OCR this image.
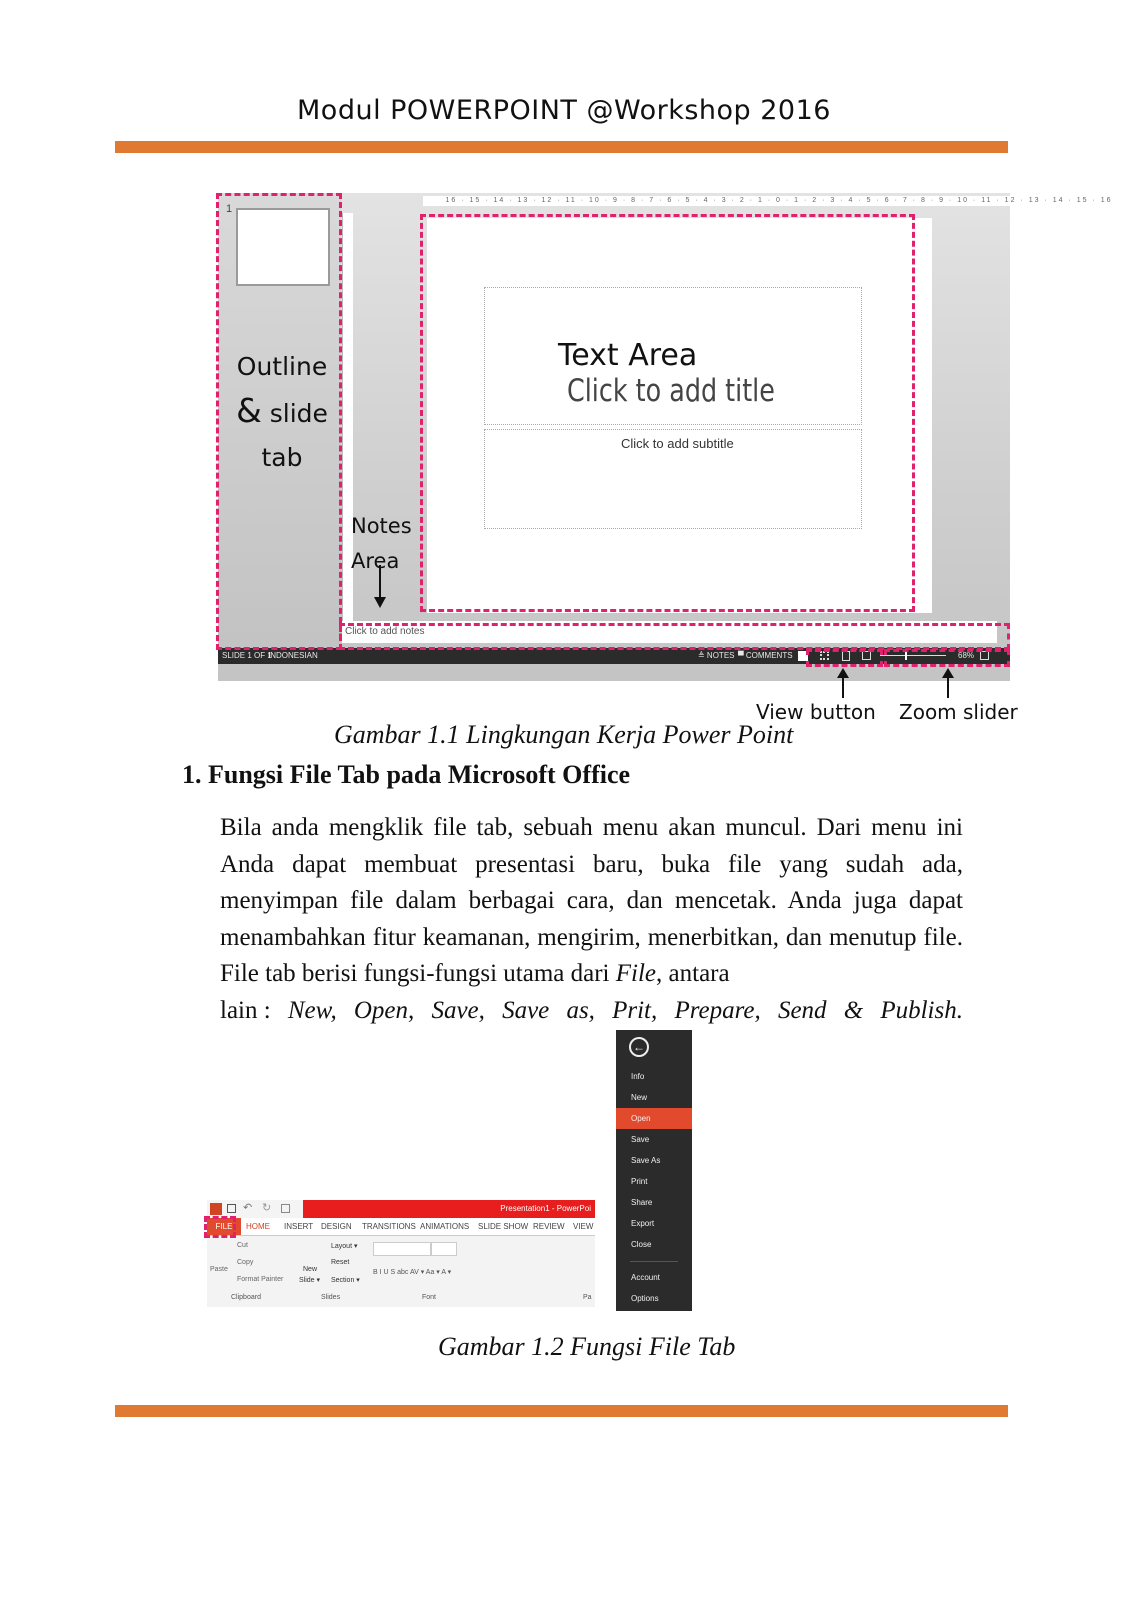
Modul POWERPOINT @Workshop 2016
1
Outline
& slide
tab
16 · 15 · 14 · 13 · 12 · 11 · 10 · 9 · 8 · 7 · 6 · 5 · 4 · 3 · 2 · 1 · 0 · 1 · 2 · 3 · 4 · 5 · 6 · 7 · 8 · 9 · 10 · 11 · 12 · 13 · 14 · 15 · 16
Text Area
Click to add title
Click to add subtitle
Notes
Area
Click to add notes
SLIDE 1 OF 1
INDONESIAN	≜ NOTES ▀ COMMENTS	68%
View button Zoom slider
Gambar 1.1 Lingkungan Kerja Power Point
1. Fungsi File Tab pada Microsoft Office

Bila anda mengklik file tab, sebuah menu akan muncul. Dari menu ini Anda dapat membuat presentasi baru, buka file yang sudah ada, menyimpan file dalam berbagai cara, dan mencetak. Anda juga dapat menambahkan fitur keamanan, mengirim, menerbitkan, dan menutup file. File tab berisi fungsi-fungsi utama dari File, antara

lain : New, Open, Save, Save as, Prit, Prepare, Send & Publish.
↶ ↻	Presentation1 - PowerPoi
HOME INSERT DESIGN TRANSITIONS ANIMATIONS SLIDE SHOW REVIEW VIEW
FILE
Paste
Cut
Copy
Format Painter
Clipboard
New
Slide ▾
Layout ▾
Reset
Section ▾
Slides
B I U S abc AV ▾ Aa ▾ A ▾
Font	Pa
←
Info
New
Open
Save
Save As
Print
Share
Export
Close
Account
Options
Gambar 1.2 Fungsi File Tab
